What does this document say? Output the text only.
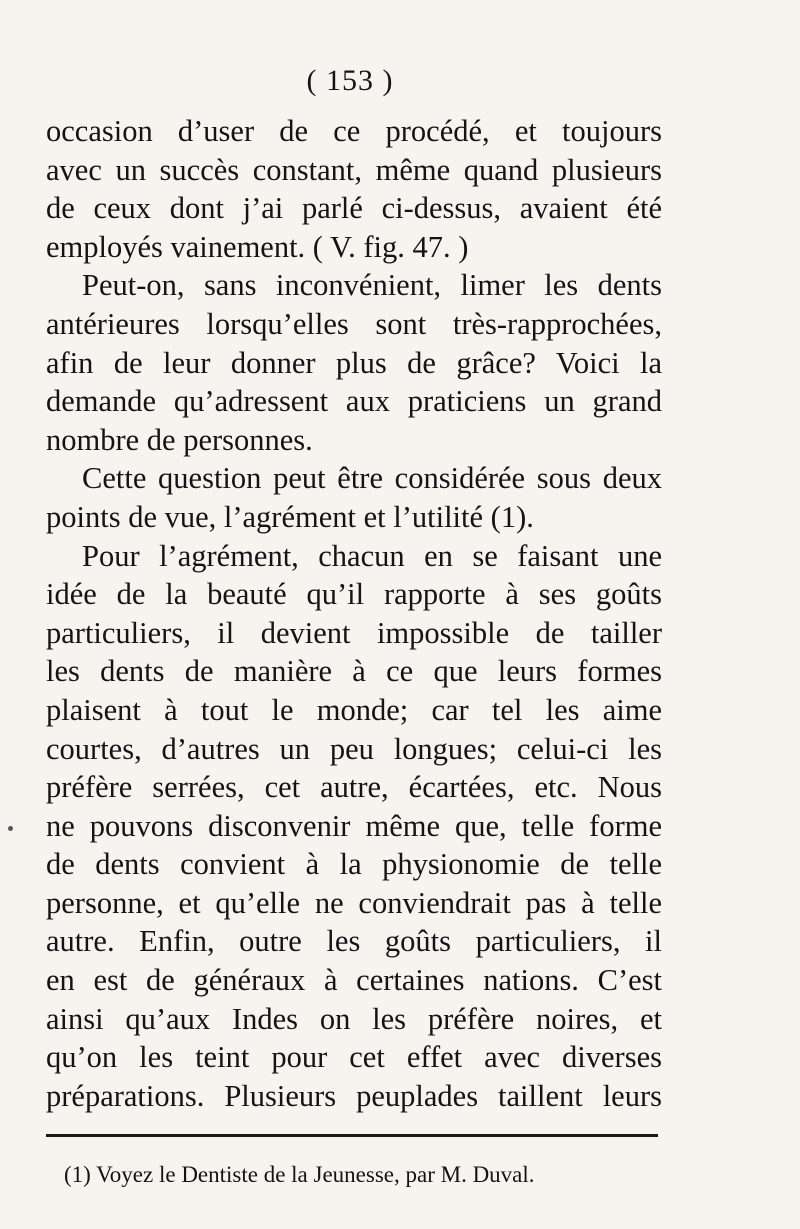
( 153 )
occasion d’user de ce procédé, et toujours
avec un succès constant, même quand plusieurs
de ceux dont j’ai parlé ci-dessus, avaient été
employés vainement. ( V. fig. 47. )
Peut-on, sans inconvénient, limer les dents
antérieures lorsqu’elles sont très-rapprochées,
afin de leur donner plus de grâce? Voici la
demande qu’adressent aux praticiens un grand
nombre de personnes.
Cette question peut être considérée sous deux
points de vue, l’agrément et l’utilité (1).
Pour l’agrément, chacun en se faisant une
idée de la beauté qu’il rapporte à ses goûts
particuliers, il devient impossible de tailler
les dents de manière à ce que leurs formes
plaisent à tout le monde; car tel les aime
courtes, d’autres un peu longues; celui-ci les
préfère serrées, cet autre, écartées, etc. Nous
ne pouvons disconvenir même que, telle forme
de dents convient à la physionomie de telle
personne, et qu’elle ne conviendrait pas à telle
autre. Enfin, outre les goûts particuliers, il
en est de généraux à certaines nations. C’est
ainsi qu’aux Indes on les préfère noires, et
qu’on les teint pour cet effet avec diverses
préparations. Plusieurs peuplades taillent leurs
(1) Voyez le Dentiste de la Jeunesse, par M. Duval.
